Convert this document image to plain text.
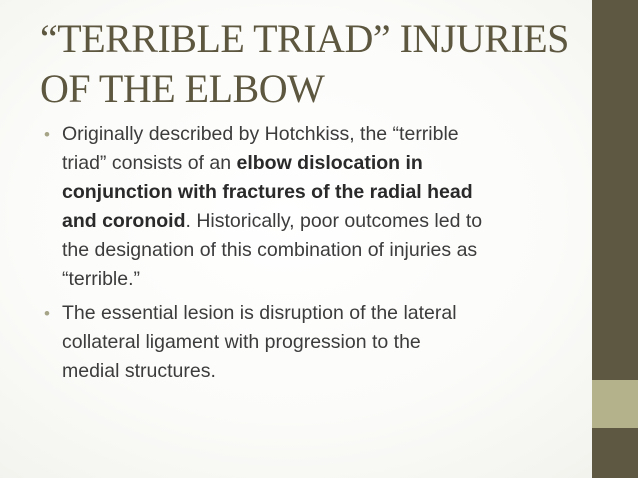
“TERRIBLE TRIAD” INJURIES
OF THE ELBOW
• Originally described by Hotchkiss, the “terrible
triad” consists of an elbow dislocation in
conjunction with fractures of the radial head
and coronoid. Historically, poor outcomes led to
the designation of this combination of injuries as
“terrible.”
• The essential lesion is disruption of the lateral
collateral ligament with progression to the
medial structures.
